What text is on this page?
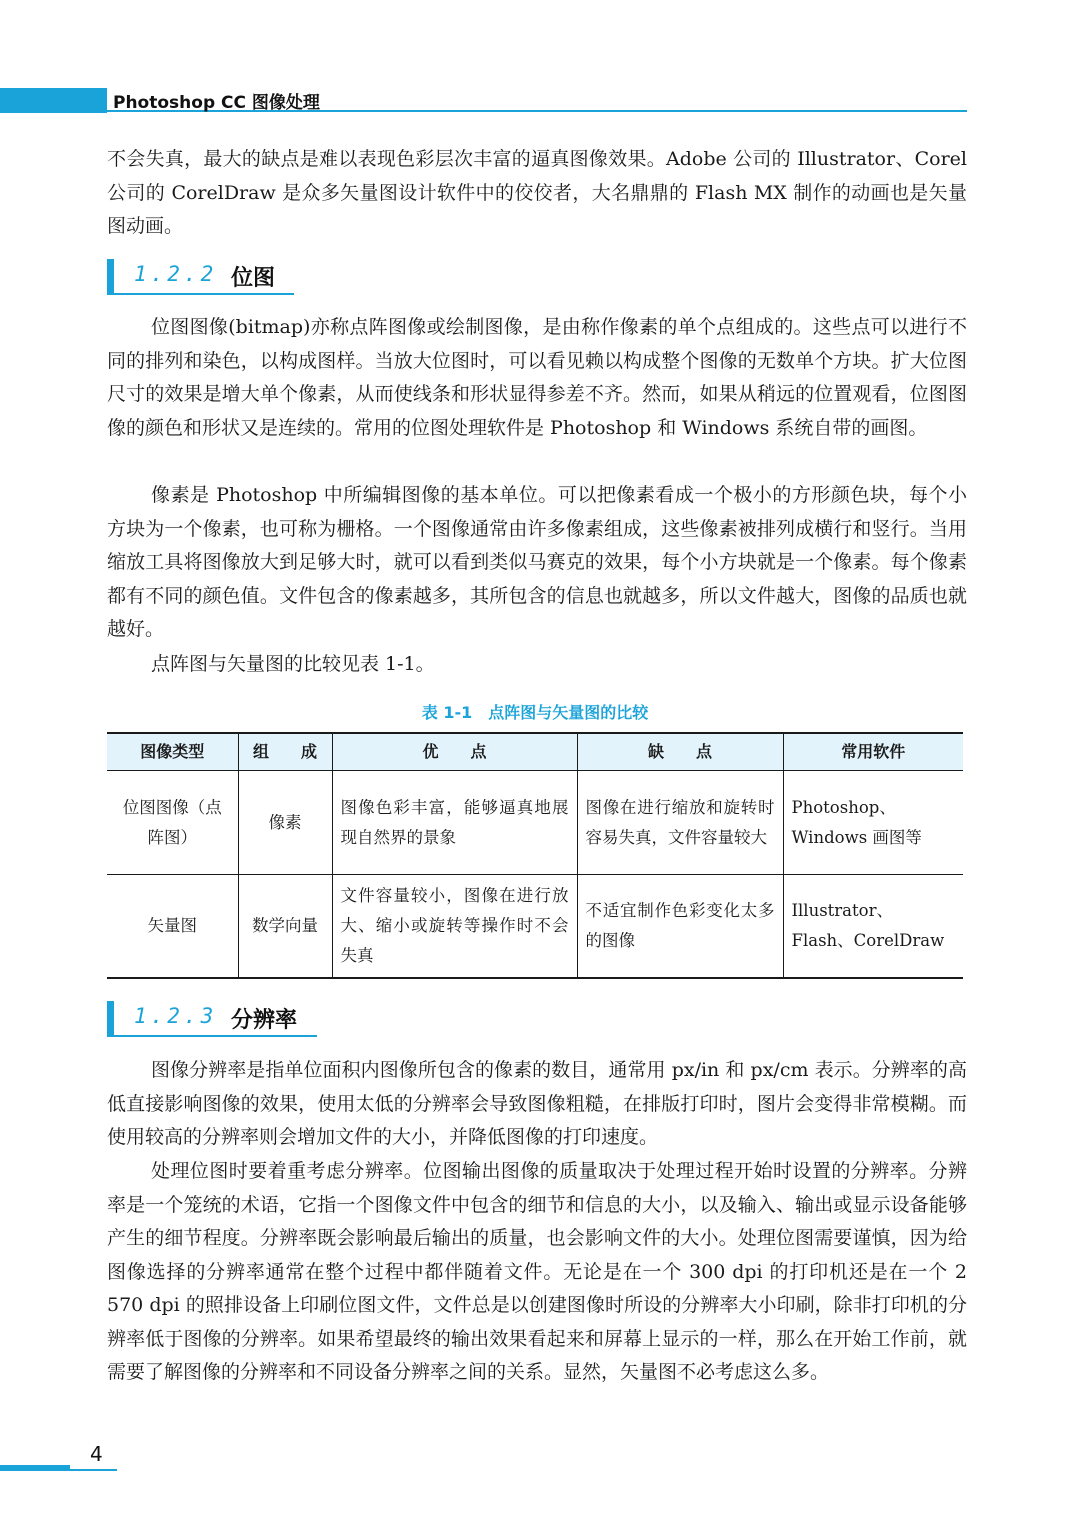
Photoshop CC 图像处理

不会失真，最大的缺点是难以表现色彩层次丰富的逼真图像效果。Adobe 公司的 Illustrator、Corel 公司的 CorelDraw 是众多矢量图设计软件中的佼佼者，大名鼎鼎的 Flash MX 制作的动画也是矢量图动画。

1.2.2 位图

位图图像(bitmap)亦称点阵图像或绘制图像，是由称作像素的单个点组成的。这些点可以进行不同的排列和染色，以构成图样。当放大位图时，可以看见赖以构成整个图像的无数单个方块。扩大位图尺寸的效果是增大单个像素，从而使线条和形状显得参差不齐。然而，如果从稍远的位置观看，位图图像的颜色和形状又是连续的。常用的位图处理软件是 Photoshop 和 Windows 系统自带的画图。

像素是 Photoshop 中所编辑图像的基本单位。可以把像素看成一个极小的方形颜色块，每个小方块为一个像素，也可称为栅格。一个图像通常由许多像素组成，这些像素被排列成横行和竖行。当用缩放工具将图像放大到足够大时，就可以看到类似马赛克的效果，每个小方块就是一个像素。每个像素都有不同的颜色值。文件包含的像素越多，其所包含的信息也就越多，所以文件越大，图像的品质也就越好。

点阵图与矢量图的比较见表 1-1。

表 1-1　点阵图与矢量图的比较
图像类型	组　　成	优　　点	缺　　点	常用软件
位图图像（点阵图）	像素	图像色彩丰富，能够逼真地展现自然界的景象	图像在进行缩放和旋转时容易失真，文件容量较大	Photoshop、Windows 画图等
矢量图	数学向量	文件容量较小，图像在进行放大、缩小或旋转等操作时不会失真	不适宜制作色彩变化太多的图像	Illustrator、Flash、CorelDraw
1.2.3 分辨率

图像分辨率是指单位面积内图像所包含的像素的数目，通常用 px/in 和 px/cm 表示。分辨率的高低直接影响图像的效果，使用太低的分辨率会导致图像粗糙，在排版打印时，图片会变得非常模糊。而使用较高的分辨率则会增加文件的大小，并降低图像的打印速度。

处理位图时要着重考虑分辨率。位图输出图像的质量取决于处理过程开始时设置的分辨率。分辨率是一个笼统的术语，它指一个图像文件中包含的细节和信息的大小，以及输入、输出或显示设备能够产生的细节程度。分辨率既会影响最后输出的质量，也会影响文件的大小。处理位图需要谨慎，因为给图像选择的分辨率通常在整个过程中都伴随着文件。无论是在一个 300 dpi 的打印机还是在一个 2 570 dpi 的照排设备上印刷位图文件，文件总是以创建图像时所设的分辨率大小印刷，除非打印机的分辨率低于图像的分辨率。如果希望最终的输出效果看起来和屏幕上显示的一样，那么在开始工作前，就需要了解图像的分辨率和不同设备分辨率之间的关系。显然，矢量图不必考虑这么多。

4
